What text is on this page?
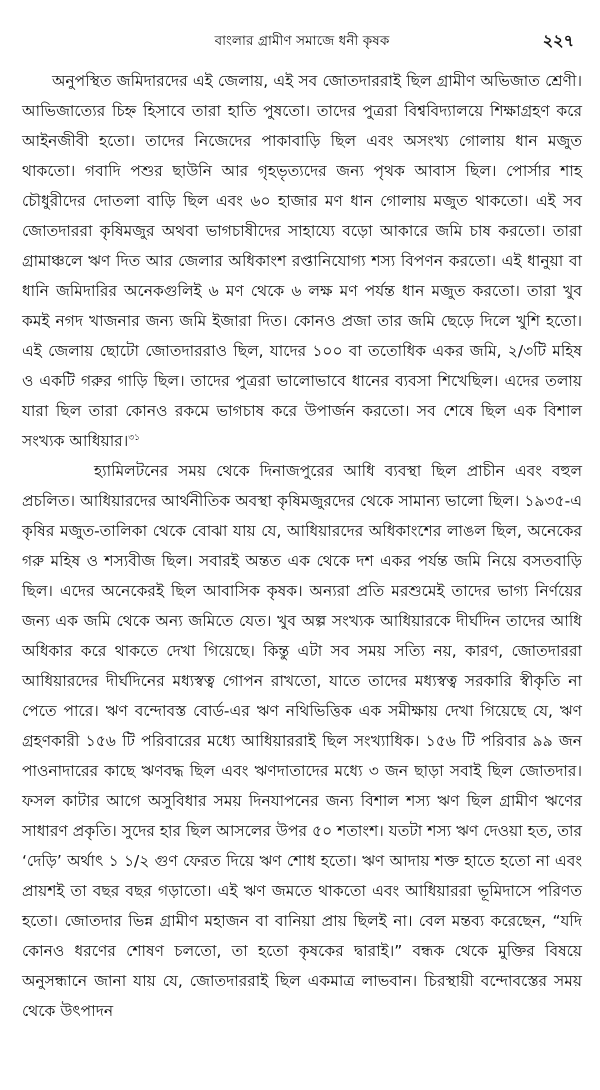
বাংলার গ্রামীণ সমাজে ধনী কৃষক	২২৭

অনুপস্থিত জমিদারদের এই জেলায়, এই সব জোতদাররাই ছিল গ্রামীণ অভিজাত শ্রেণী। আভিজাত্যের চিহ্ন হিসাবে তারা হাতি পুষতো। তাদের পুত্ররা বিশ্ববিদ্যালয়ে শিক্ষাগ্রহণ করে আইনজীবী হতো। তাদের নিজেদের পাকাবাড়ি ছিল এবং অসংখ্য গোলায় ধান মজুত থাকতো। গবাদি পশুর ছাউনি আর গৃহভৃত্যদের জন্য পৃথক আবাস ছিল। পোর্সার শাহ চৌধুরীদের দোতলা বাড়ি ছিল এবং ৬০ হাজার মণ ধান গোলায় মজুত থাকতো। এই সব জোতদাররা কৃষিমজুর অথবা ভাগচাষীদের সাহায্যে বড়ো আকারে জমি চাষ করতো। তারা গ্রামাঞ্চলে ঋণ দিত আর জেলার অধিকাংশ রপ্তানিযোগ্য শস্য বিপণন করতো। এই ধানুয়া বা ধানি জমিদারির অনেকগুলিই ৬ মণ থেকে ৬ লক্ষ মণ পর্যন্ত ধান মজুত করতো। তারা খুব কমই নগদ খাজনার জন্য জমি ইজারা দিত। কোনও প্রজা তার জমি ছেড়ে দিলে খুশি হতো। এই জেলায় ছোটো জোতদাররাও ছিল, যাদের ১০০ বা ততোধিক একর জমি, ২/৩টি মহিষ ও একটি গরুর গাড়ি ছিল। তাদের পুত্ররা ভালোভাবে ধানের ব্যবসা শিখেছিল। এদের তলায় যারা ছিল তারা কোনও রকমে ভাগচাষ করে উপার্জন করতো। সব শেষে ছিল এক বিশাল সংখ্যক আধিয়ার।$^{৩১}$

হ্যামিলটনের সময় থেকে দিনাজপুরের আধি ব্যবস্থা ছিল প্রাচীন এবং বহুল প্রচলিত। আধিয়ারদের আর্থনীতিক অবস্থা কৃষিমজুরদের থেকে সামান্য ভালো ছিল। ১৯৩৫-এ কৃষির মজুত-তালিকা থেকে বোঝা যায় যে, আধিয়ারদের অধিকাংশের লাঙল ছিল, অনেকের গরু মহিষ ও শস্যবীজ ছিল। সবারই অন্তত এক থেকে দশ একর পর্যন্ত জমি নিয়ে বসতবাড়ি ছিল। এদের অনেকেরই ছিল আবাসিক কৃষক। অন্যরা প্রতি মরশুমেই তাদের ভাগ্য নির্ণয়ের জন্য এক জমি থেকে অন্য জমিতে যেত। খুব অল্প সংখ্যক আধিয়ারকে দীর্ঘদিন তাদের আধি অধিকার করে থাকতে দেখা গিয়েছে। কিন্তু এটা সব সময় সত্যি নয়, কারণ, জোতদাররা আধিয়ারদের দীর্ঘদিনের মধ্যস্বত্ব গোপন রাখতো, যাতে তাদের মধ্যস্বত্ব সরকারি স্বীকৃতি না পেতে পারে। ঋণ বন্দোবস্ত বোর্ড-এর ঋণ নথিভিত্তিক এক সমীক্ষায় দেখা গিয়েছে যে, ঋণ গ্রহণকারী ১৫৬ টি পরিবারের মধ্যে আধিয়াররাই ছিল সংখ্যাধিক। ১৫৬ টি পরিবার ৯৯ জন পাওনাদারের কাছে ঋণবদ্ধ ছিল এবং ঋণদাতাদের মধ্যে ৩ জন ছাড়া সবাই ছিল জোতদার। ফসল কাটার আগে অসুবিধার সময় দিনযাপনের জন্য বিশাল শস্য ঋণ ছিল গ্রামীণ ঋণের সাধারণ প্রকৃতি। সুদের হার ছিল আসলের উপর ৫০ শতাংশ। যতটা শস্য ঋণ দেওয়া হত, তার ‘দেড়ি’ অর্থাৎ ১ ১/২ গুণ ফেরত দিয়ে ঋণ শোধ হতো। ঋণ আদায় শক্ত হাতে হতো না এবং প্রায়শই তা বছর বছর গড়াতো। এই ঋণ জমতে থাকতো এবং আধিয়াররা ভূমিদাসে পরিণত হতো। জোতদার ভিন্ন গ্রামীণ মহাজন বা বানিয়া প্রায় ছিলই না। বেল মন্তব্য করেছেন, “যদি কোনও ধরণের শোষণ চলতো, তা হতো কৃষকের দ্বারাই।” বন্ধক থেকে মুক্তির বিষয়ে অনুসন্ধানে জানা যায় যে, জোতদাররাই ছিল একমাত্র লাভবান। চিরস্থায়ী বন্দোবস্তের সময় থেকে উৎপাদন
